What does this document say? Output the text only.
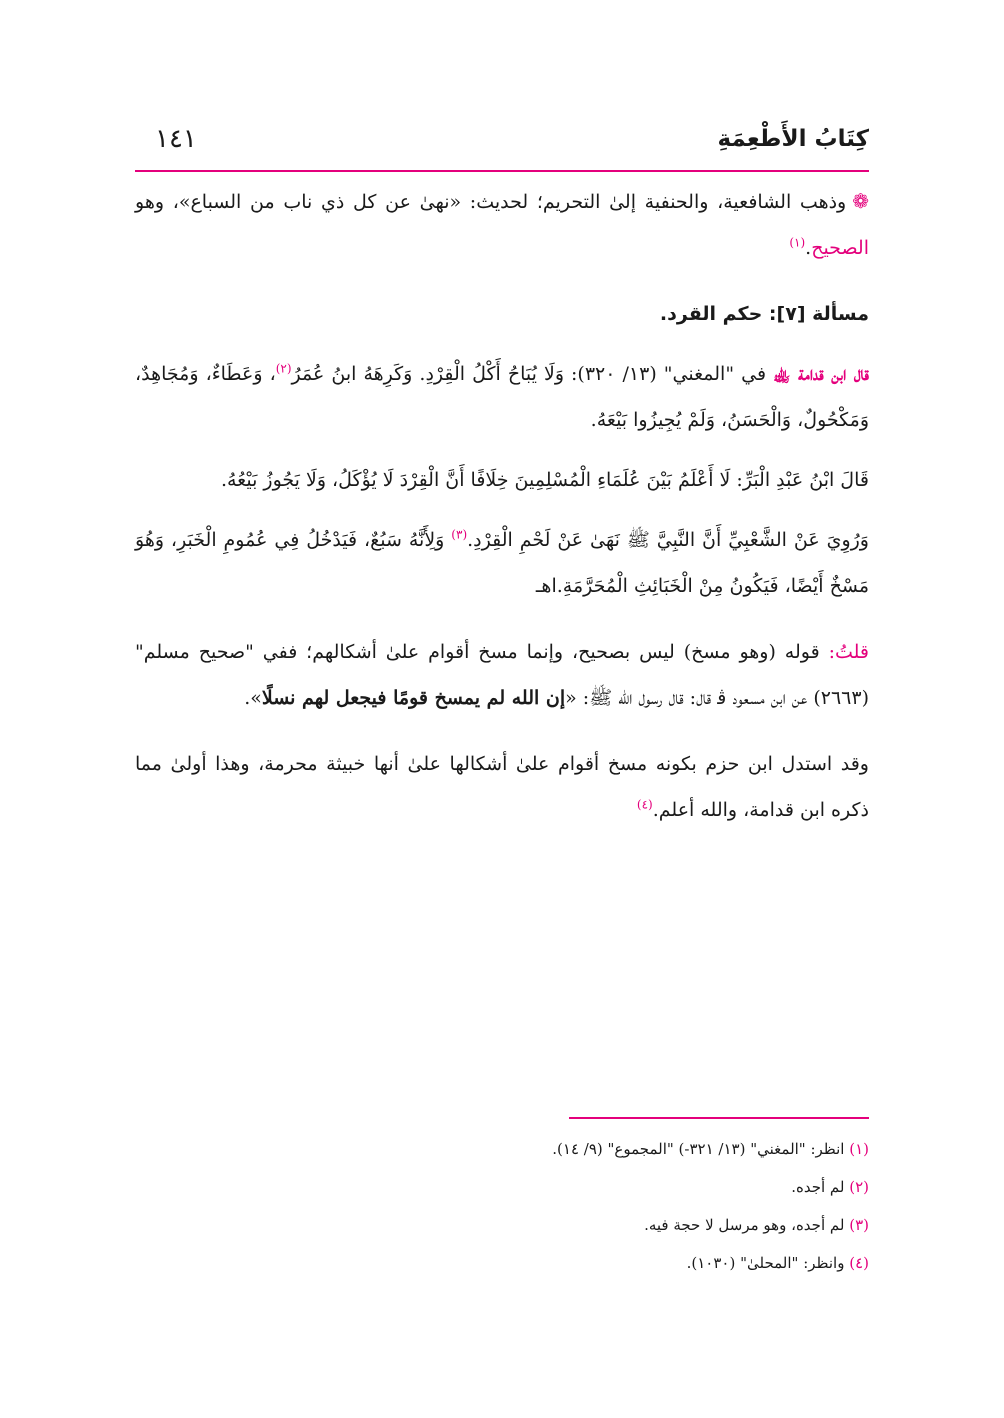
كِتَابُ الأَطْعِمَةِ
١٤١

❁وذهب الشافعية، والحنفية إلىٰ التحريم؛ لحديث: «نهىٰ عن كل ذي ناب من السباع»، وهو الصحيح.$^{(١)}$

مسألة [٧]: حكم القرد.

قال ابن قدامة ﵀ في "المغني" (١٣/ ٣٢٠): وَلَا يُبَاحُ أَكْلُ الْقِرْدِ. وَكَرِهَهُ ابنُ عُمَرُ$^{(٢)}$، وَعَطَاءٌ، وَمُجَاهِدٌ، وَمَكْحُولٌ، وَالْحَسَنُ، وَلَمْ يُجِيزُوا بَيْعَهُ.

قَالَ ابْنُ عَبْدِ الْبَرِّ: لَا أَعْلَمُ بَيْنَ عُلَمَاءِ الْمُسْلِمِينَ خِلَافًا أَنَّ الْقِرْدَ لَا يُؤْكَلُ، وَلَا يَجُوزُ بَيْعُهُ.

وَرُوِيَ عَنْ الشَّعْبِيِّ أَنَّ النَّبِيَّ ﷺ نَهَىٰ عَنْ لَحْمِ الْقِرْدِ.$^{(٣)}$ وَلِأَنَّهُ سَبُعٌ، فَيَدْخُلُ فِي عُمُومِ الْخَبَرِ، وَهُوَ مَسْخٌ أَيْضًا، فَيَكُونُ مِنْ الْخَبَائِثِ الْمُحَرَّمَةِ.اهـ

قلتُ: قوله (وهو مسخ) ليس بصحيح، وإنما مسخ أقوام علىٰ أشكالهم؛ ففي "صحيح مسلم" (٢٦٦٣) عن ابن مسعود ﭬ قال: قال رسول الله ﷺ: «إن الله لم يمسخ قومًا فيجعل لهم نسلًا».

وقد استدل ابن حزم بكونه مسخ أقوام علىٰ أشكالها علىٰ أنها خبيثة محرمة، وهذا أولىٰ مما ذكره ابن قدامة، والله أعلم.$^{(٤)}$

(١) انظر: "المغني" (١٣/ ٣٢١-) "المجموع" (٩/ ١٤).

(٢) لم أجده.

(٣) لم أجده، وهو مرسل لا حجة فيه.

(٤) وانظر: "المحلىٰ" (١٠٣٠).
